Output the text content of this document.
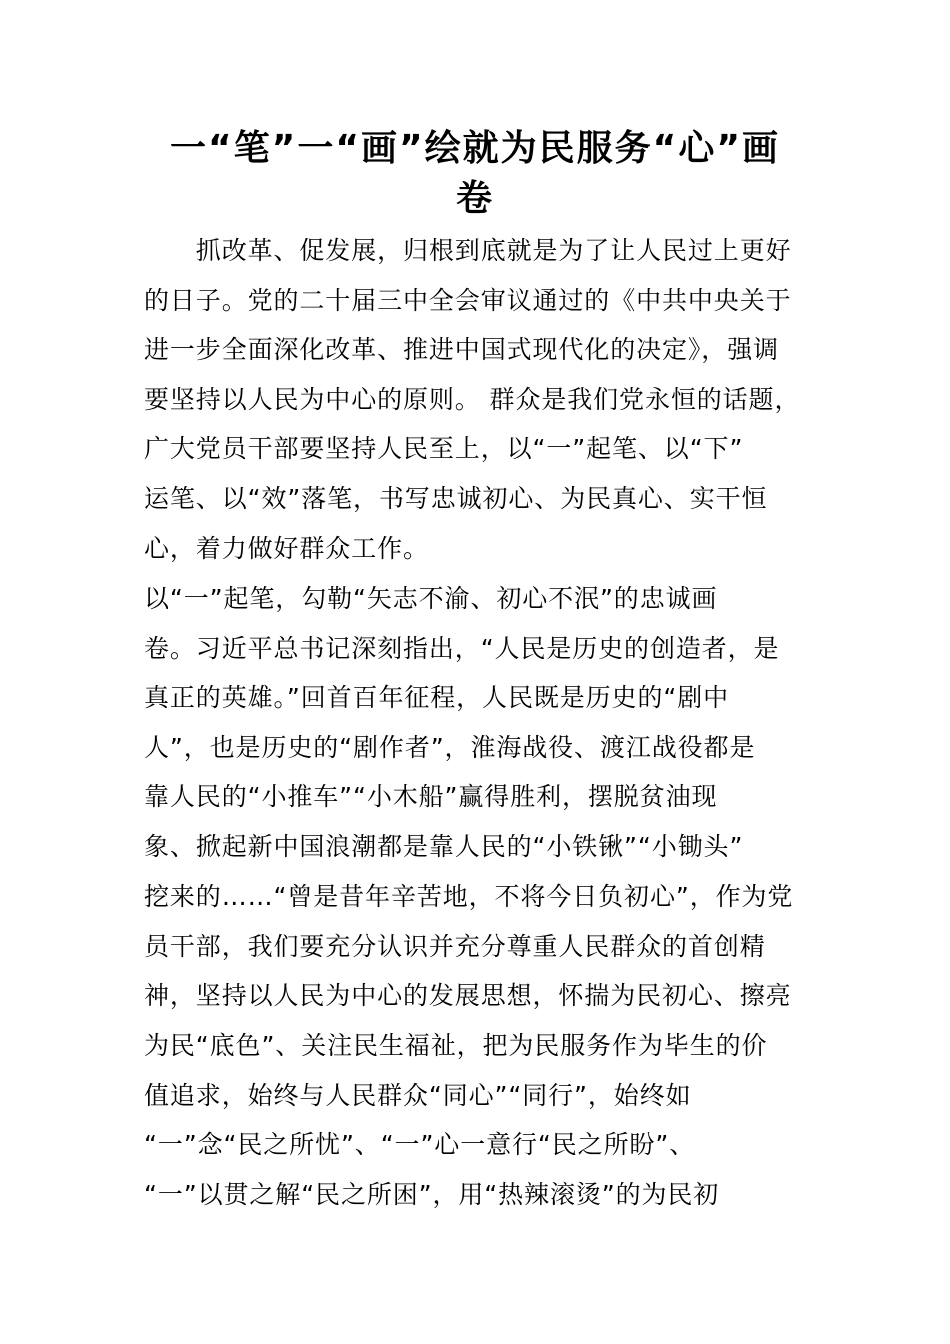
一“笔”一“画”绘就为民服务“心”画
卷

　　抓改革、促发展，归根到底就是为了让人民过上更好

的日子。党的二十届三中全会审议通过的《中共中央关于

进一步全面深化改革、推进中国式现代化的决定》，强调

要坚持以人民为中心的原则。 群众是我们党永恒的话题，

广大党员干部要坚持人民至上，以“一”起笔、以“下”

运笔、以“效”落笔，书写忠诚初心、为民真心、实干恒

心，着力做好群众工作。

以“一”起笔，勾勒“矢志不渝、初心不泯”的忠诚画

卷。习近平总书记深刻指出，“人民是历史的创造者，是

真正的英雄。”回首百年征程，人民既是历史的“剧中

人”，也是历史的“剧作者”，淮海战役、渡江战役都是

靠人民的“小推车”“小木船”赢得胜利，摆脱贫油现

象、掀起新中国浪潮都是靠人民的“小铁锹”“小锄头”

挖来的……“曾是昔年辛苦地，不将今日负初心”，作为党

员干部，我们要充分认识并充分尊重人民群众的首创精

神，坚持以人民为中心的发展思想，怀揣为民初心、擦亮

为民“底色”、关注民生福祉，把为民服务作为毕生的价

值追求，始终与人民群众“同心”“同行”，始终如

“一”念“民之所忧”、“一”心一意行“民之所盼”、

“一”以贯之解“民之所困”，用“热辣滚烫”的为民初
